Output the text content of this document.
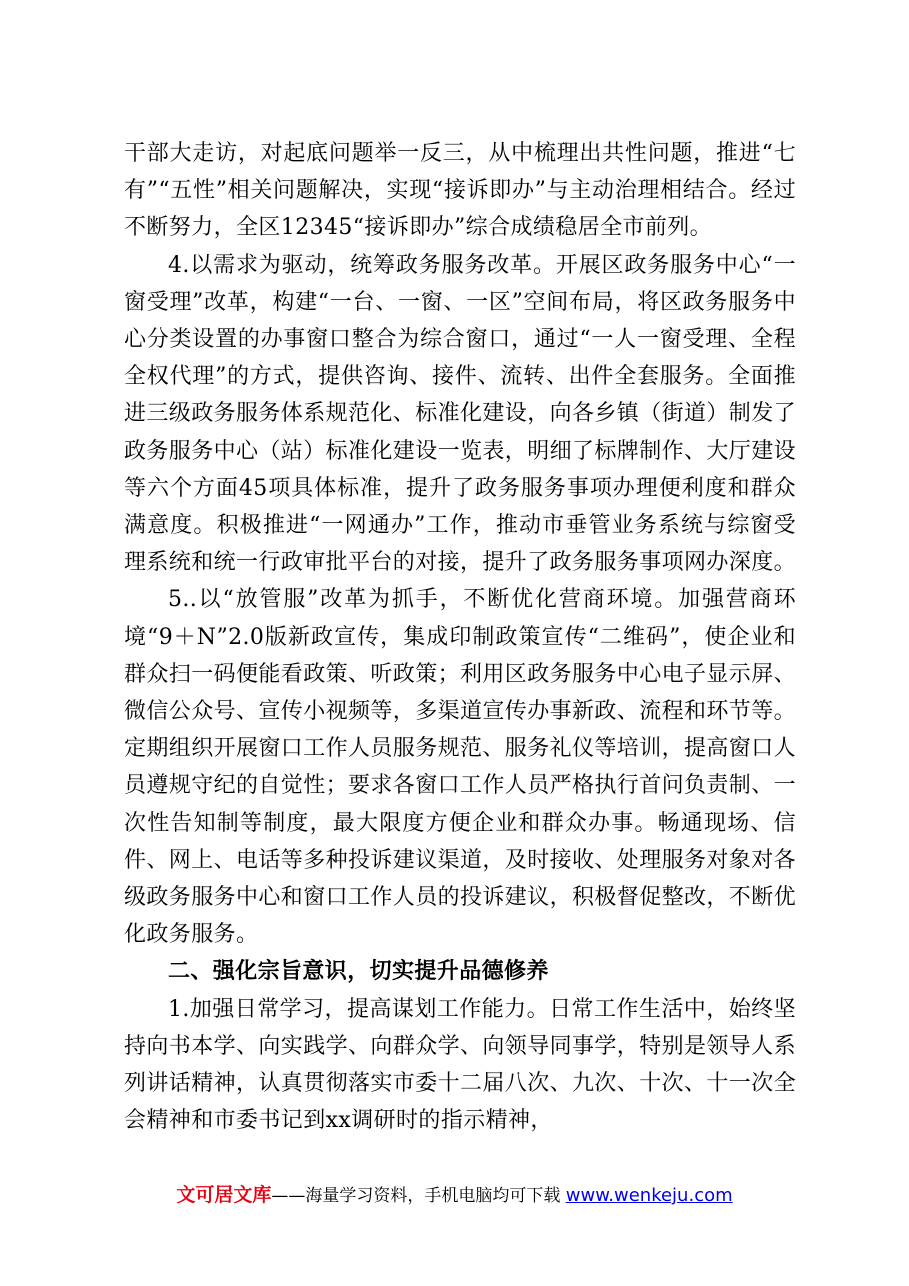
干部大走访，对起底问题举一反三，从中梳理出共性问题，推进“七有”“五性”相关问题解决，实现“接诉即办”与主动治理相结合。经过不断努力，全区12345“接诉即办”综合成绩稳居全市前列。

4.以需求为驱动，统筹政务服务改革。开展区政务服务中心“一窗受理”改革，构建“一台、一窗、一区”空间布局，将区政务服务中心分类设置的办事窗口整合为综合窗口，通过“一人一窗受理、全程全权代理”的方式，提供咨询、接件、流转、出件全套服务。全面推进三级政务服务体系规范化、标准化建设，向各乡镇（街道）制发了政务服务中心（站）标准化建设一览表，明细了标牌制作、大厅建设等六个方面45项具体标准，提升了政务服务事项办理便利度和群众满意度。积极推进“一网通办”工作，推动市垂管业务系统与综窗受理系统和统一行政审批平台的对接，提升了政务服务事项网办深度。

5..以“放管服”改革为抓手，不断优化营商环境。加强营商环境“9＋N”2.0版新政宣传，集成印制政策宣传“二维码”，使企业和群众扫一码便能看政策、听政策；利用区政务服务中心电子显示屏、微信公众号、宣传小视频等，多渠道宣传办事新政、流程和环节等。定期组织开展窗口工作人员服务规范、服务礼仪等培训，提高窗口人员遵规守纪的自觉性；要求各窗口工作人员严格执行首问负责制、一次性告知制等制度，最大限度方便企业和群众办事。畅通现场、信件、网上、电话等多种投诉建议渠道，及时接收、处理服务对象对各级政务服务中心和窗口工作人员的投诉建议，积极督促整改，不断优化政务服务。

二、强化宗旨意识，切实提升品德修养

1.加强日常学习，提高谋划工作能力。日常工作生活中，始终坚持向书本学、向实践学、向群众学、向领导同事学，特别是领导人系列讲话精神，认真贯彻落实市委十二届八次、九次、十次、十一次全会精神和市委书记到xx调研时的指示精神，

文可居文库——海量学习资料，手机电脑均可下载 www.wenkeju.com
